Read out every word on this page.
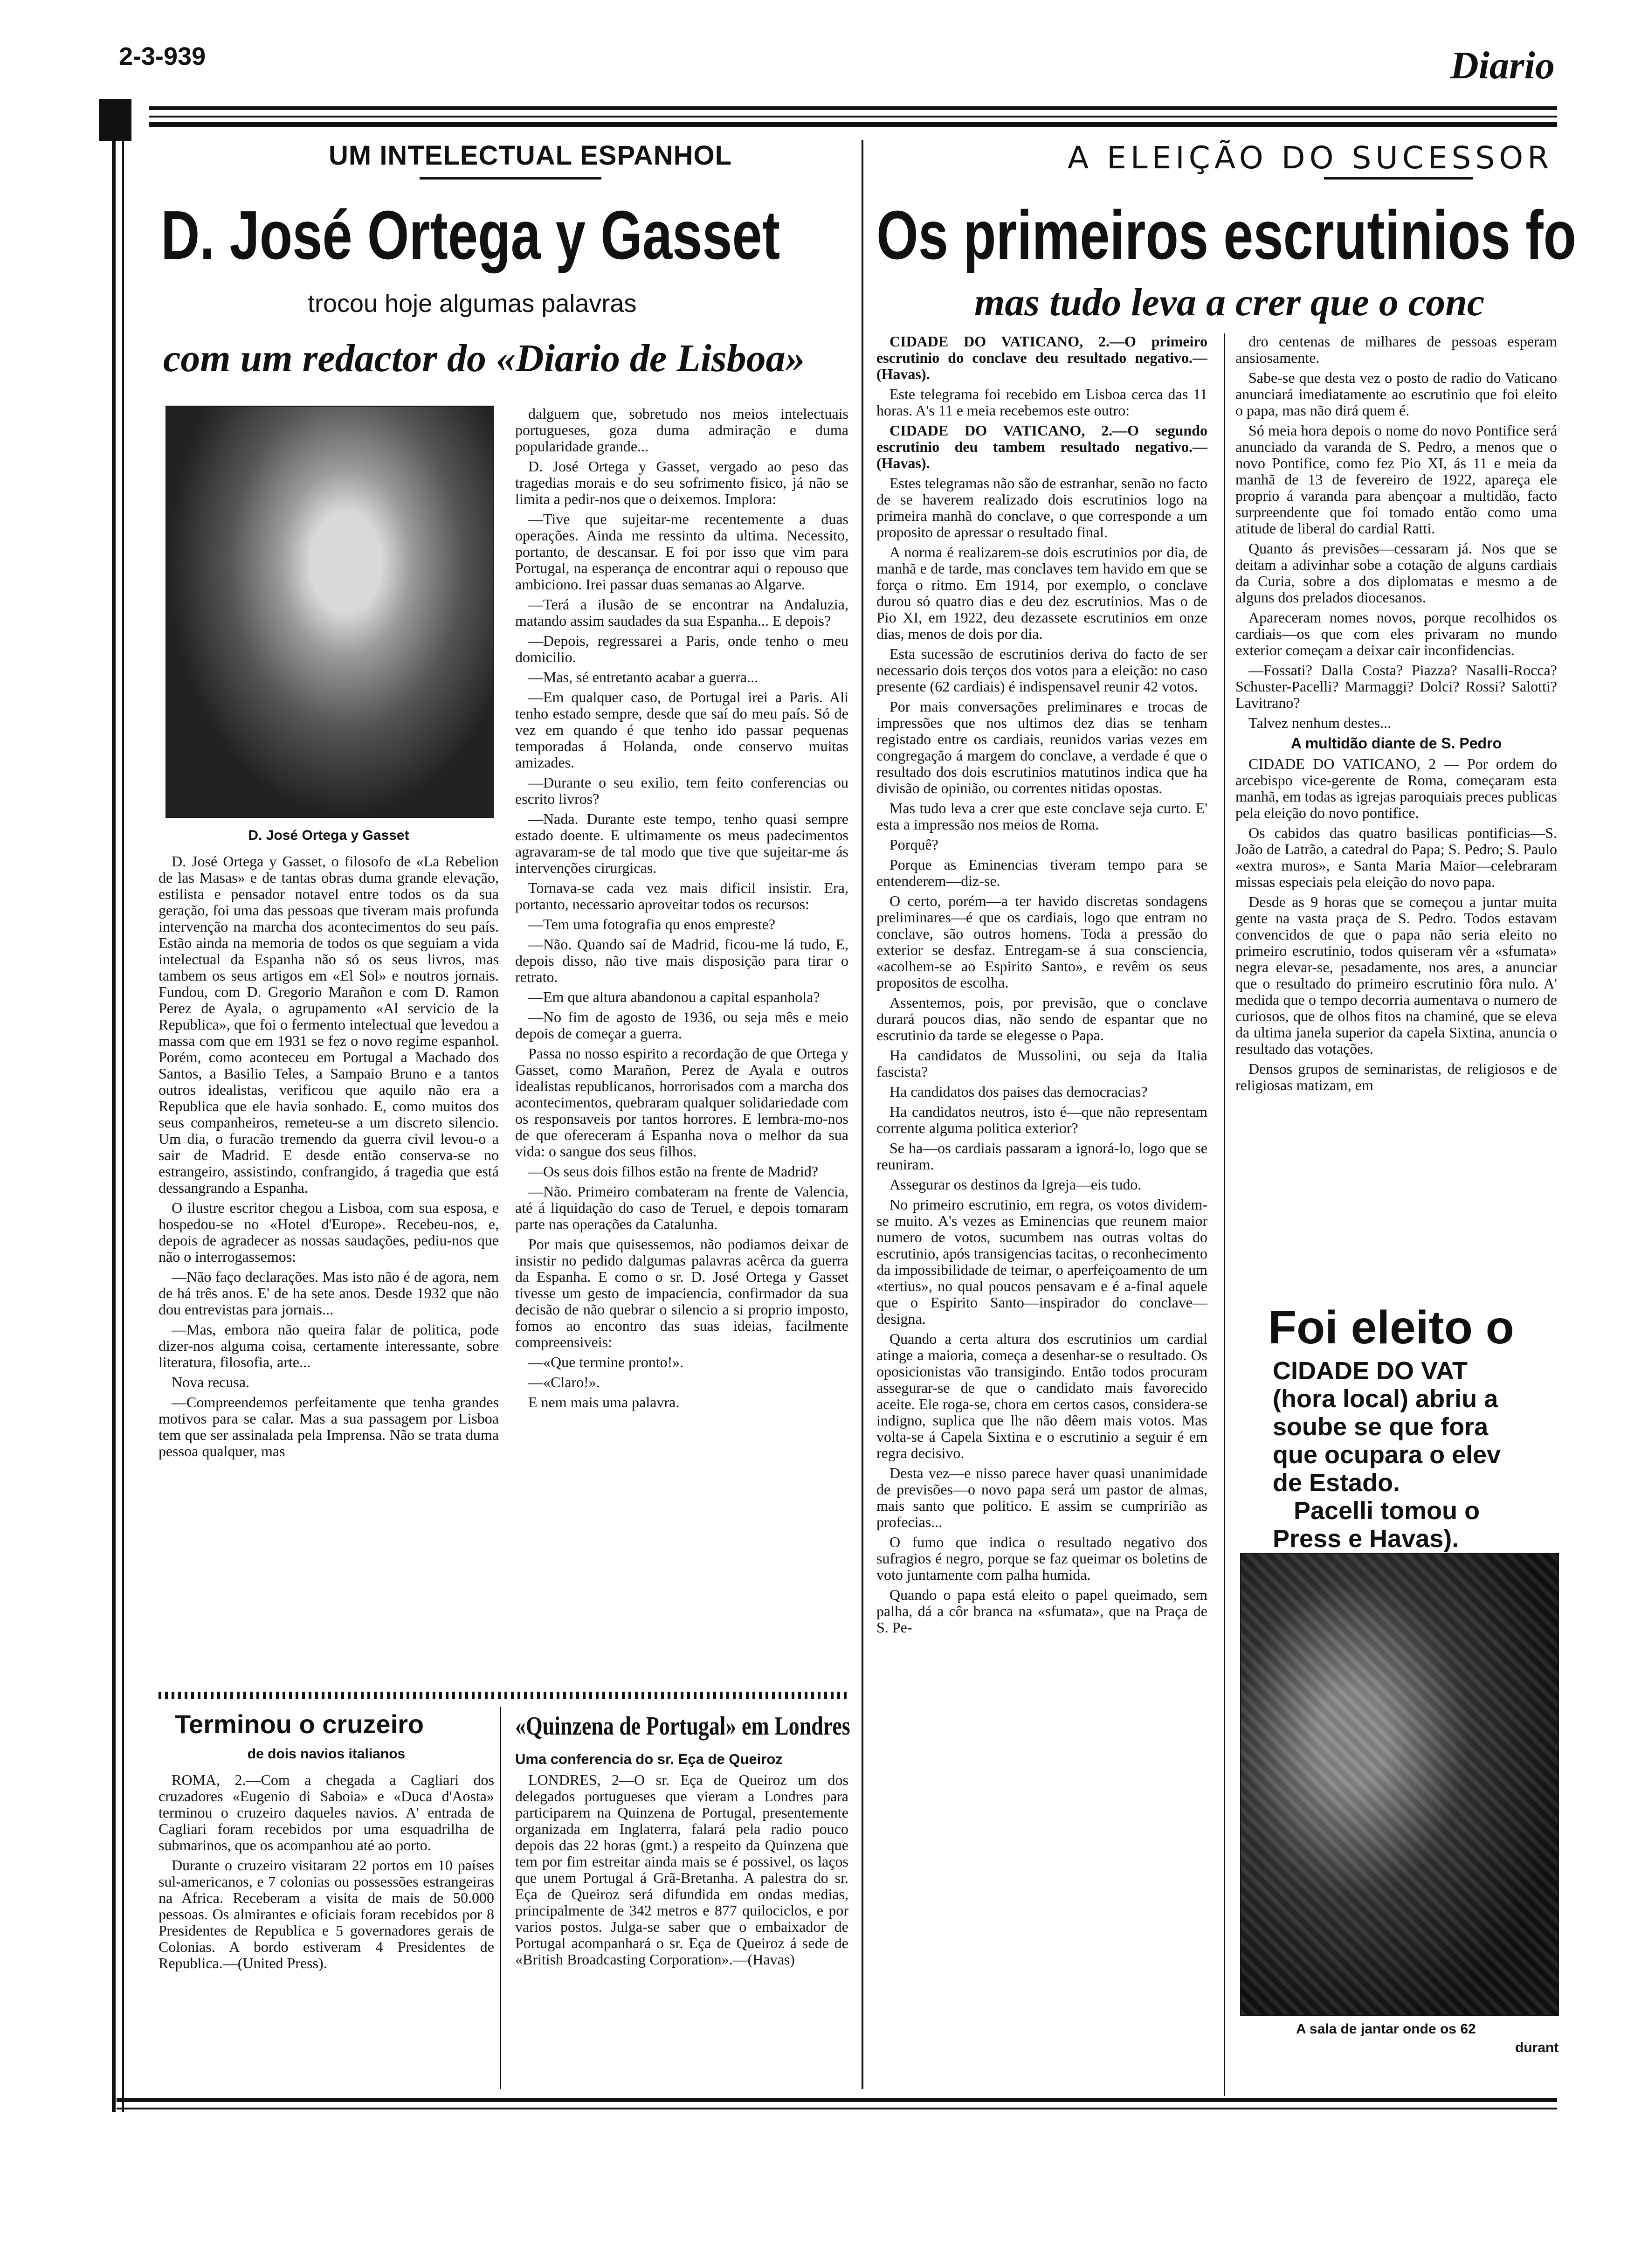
2-3-939	Diario
UM INTELECTUAL ESPANHOL
D. José Ortega y Gasset
trocou hoje algumas palavras
com um redactor do «Diario de Lisboa»
D. José Ortega y Gasset

D. José Ortega y Gasset, o filosofo de «La Rebelion de las Masas» e de tantas obras duma grande elevação, estilista e pensador notavel entre todos os da sua geração, foi uma das pessoas que tiveram mais profunda intervenção na marcha dos acontecimentos do seu país. Estão ainda na memoria de todos os que seguiam a vida intelectual da Espanha não só os seus livros, mas tambem os seus artigos em «El Sol» e noutros jornais. Fundou, com D. Gregorio Marañon e com D. Ramon Perez de Ayala, o agrupamento «Al servicio de la Republica», que foi o fermento intelectual que levedou a massa com que em 1931 se fez o novo regime espanhol. Porém, como aconteceu em Portugal a Machado dos Santos, a Basilio Teles, a Sampaio Bruno e a tantos outros idealistas, verificou que aquilo não era a Republica que ele havia sonhado. E, como muitos dos seus companheiros, remeteu-se a um discreto silencio. Um dia, o furacão tremendo da guerra civil levou-o a sair de Madrid. E desde então conserva-se no estrangeiro, assistindo, confrangido, á tragedia que está dessangrando a Espanha.

O ilustre escritor chegou a Lisboa, com sua esposa, e hospedou-se no «Hotel d'Europe». Recebeu-nos, e, depois de agradecer as nossas saudações, pediu-nos que não o interrogassemos:

—Não faço declarações. Mas isto não é de agora, nem de há três anos. E' de ha sete anos. Desde 1932 que não dou entrevistas para jornais...

—Mas, embora não queira falar de politica, pode dizer-nos alguma coisa, certamente interessante, sobre literatura, filosofia, arte...

Nova recusa.

—Compreendemos perfeitamente que tenha grandes motivos para se calar. Mas a sua passagem por Lisboa tem que ser assinalada pela Imprensa. Não se trata duma pessoa qualquer, mas

dalguem que, sobretudo nos meios intelectuais portugueses, goza duma admiração e duma popularidade grande...

D. José Ortega y Gasset, vergado ao peso das tragedias morais e do seu sofrimento fisico, já não se limita a pedir-nos que o deixemos. Implora:

—Tive que sujeitar-me recentemente a duas operações. Ainda me ressinto da ultima. Necessito, portanto, de descansar. E foi por isso que vim para Portugal, na esperança de encontrar aqui o repouso que ambiciono. Irei passar duas semanas ao Algarve.

—Terá a ilusão de se encontrar na Andaluzia, matando assim saudades da sua Espanha... E depois?

—Depois, regressarei a Paris, onde tenho o meu domicilio.

—Mas, sé entretanto acabar a guerra...

—Em qualquer caso, de Portugal irei a Paris. Ali tenho estado sempre, desde que saí do meu país. Só de vez em quando é que tenho ido passar pequenas temporadas á Holanda, onde conservo muitas amizades.

—Durante o seu exilio, tem feito conferencias ou escrito livros?

—Nada. Durante este tempo, tenho quasi sempre estado doente. E ultimamente os meus padecimentos agravaram-se de tal modo que tive que sujeitar-me ás intervenções cirurgicas.

Tornava-se cada vez mais dificil insistir. Era, portanto, necessario aproveitar todos os recursos:

—Tem uma fotografia qu enos empreste?

—Não. Quando saí de Madrid, ficou-me lá tudo, E, depois disso, não tive mais disposição para tirar o retrato.

—Em que altura abandonou a capital espanhola?

—No fim de agosto de 1936, ou seja mês e meio depois de começar a guerra.

Passa no nosso espirito a recordação de que Ortega y Gasset, como Marañon, Perez de Ayala e outros idealistas republicanos, horrorisados com a marcha dos acontecimentos, quebraram qualquer solidariedade com os responsaveis por tantos horrores. E lembra-mo-nos de que ofereceram á Espanha nova o melhor da sua vida: o sangue dos seus filhos.

—Os seus dois filhos estão na frente de Madrid?

—Não. Primeiro combateram na frente de Valencia, até á liquidação do caso de Teruel, e depois tomaram parte nas operações da Catalunha.

Por mais que quisessemos, não podiamos deixar de insistir no pedido dalgumas palavras acêrca da guerra da Espanha. E como o sr. D. José Ortega y Gasset tivesse um gesto de impaciencia, confirmador da sua decisão de não quebrar o silencio a si proprio imposto, fomos ao encontro das suas ideias, facilmente compreensiveis:

—«Que termine pronto!».

—«Claro!».

E nem mais uma palavra.

Terminou o cruzeiro
de dois navios italianos

ROMA, 2.—Com a chegada a Cagliari dos cruzadores «Eugenio di Saboia» e «Duca d'Aosta» terminou o cruzeiro daqueles navios. A' entrada de Cagliari foram recebidos por uma esquadrilha de submarinos, que os acompanhou até ao porto.

Durante o cruzeiro visitaram 22 portos em 10 países sul-americanos, e 7 colonias ou possessões estrangeiras na Africa. Receberam a visita de mais de 50.000 pessoas. Os almirantes e oficiais foram recebidos por 8 Presidentes de Republica e 5 governadores gerais de Colonias. A bordo estiveram 4 Presidentes de Republica.—(United Press).

«Quinzena de Portugal» em Londres
Uma conferencia do sr. Eça de Queiroz

LONDRES, 2—O sr. Eça de Queiroz um dos delegados portugueses que vieram a Londres para participarem na Quinzena de Portugal, presentemente organizada em Inglaterra, falará pela radio pouco depois das 22 horas (gmt.) a respeito da Quinzena que tem por fim estreitar ainda mais se é possivel, os laços que unem Portugal á Grã-Bretanha. A palestra do sr. Eça de Queiroz será difundida em ondas medias, principalmente de 342 metros e 877 quilociclos, e por varios postos. Julga-se saber que o embaixador de Portugal acompanhará o sr. Eça de Queiroz á sede de «British Broadcasting Corporation».—(Havas)

A ELEIÇÃO DO SUCESSOR
Os primeiros escrutinios fo
mas tudo leva a crer que o conc

CIDADE DO VATICANO, 2.—O primeiro escrutinio do conclave deu resultado negativo.—(Havas).

Este telegrama foi recebido em Lisboa cerca das 11 horas. A's 11 e meia recebemos este outro:

CIDADE DO VATICANO, 2.—O segundo escrutinio deu tambem resultado negativo.—(Havas).

Estes telegramas não são de estranhar, senão no facto de se haverem realizado dois escrutinios logo na primeira manhã do conclave, o que corresponde a um proposito de apressar o resultado final.

A norma é realizarem-se dois escrutinios por dia, de manhã e de tarde, mas conclaves tem havido em que se força o ritmo. Em 1914, por exemplo, o conclave durou só quatro dias e deu dez escrutinios. Mas o de Pio XI, em 1922, deu dezassete escrutinios em onze dias, menos de dois por dia.

Esta sucessão de escrutinios deriva do facto de ser necessario dois terços dos votos para a eleição: no caso presente (62 cardiais) é indispensavel reunir 42 votos.

Por mais conversações preliminares e trocas de impressões que nos ultimos dez dias se tenham registado entre os cardiais, reunidos varias vezes em congregação á margem do conclave, a verdade é que o resultado dos dois escrutinios matutinos indica que ha divisão de opinião, ou correntes nitidas opostas.

Mas tudo leva a crer que este conclave seja curto. E' esta a impressão nos meios de Roma.

Porquê?

Porque as Eminencias tiveram tempo para se entenderem—diz-se.

O certo, porém—a ter havido discretas sondagens preliminares—é que os cardiais, logo que entram no conclave, são outros homens. Toda a pressão do exterior se desfaz. Entregam-se á sua consciencia, «acolhem-se ao Espirito Santo», e revêm os seus propositos de escolha.

Assentemos, pois, por previsão, que o conclave durará poucos dias, não sendo de espantar que no escrutinio da tarde se elegesse o Papa.

Ha candidatos de Mussolini, ou seja da Italia fascista?

Ha candidatos dos paises das democracias?

Ha candidatos neutros, isto é—que não representam corrente alguma politica exterior?

Se ha—os cardiais passaram a ignorá-lo, logo que se reuniram.

Assegurar os destinos da Igreja—eis tudo.

No primeiro escrutinio, em regra, os votos dividem-se muito. A's vezes as Eminencias que reunem maior numero de votos, sucumbem nas outras voltas do escrutinio, após transigencias tacitas, o reconhecimento da impossibilidade de teimar, o aperfeiçoamento de um «tertius», no qual poucos pensavam e é a-final aquele que o Espirito Santo—inspirador do conclave—designa.

Quando a certa altura dos escrutinios um cardial atinge a maioria, começa a desenhar-se o resultado. Os oposicionistas vão transigindo. Então todos procuram assegurar-se de que o candidato mais favorecido aceite. Ele roga-se, chora em certos casos, considera-se indigno, suplica que lhe não dêem mais votos. Mas volta-se á Capela Sixtina e o escrutinio a seguir é em regra decisivo.

Desta vez—e nisso parece haver quasi unanimidade de previsões—o novo papa será um pastor de almas, mais santo que politico. E assim se cumpririão as profecias...

O fumo que indica o resultado negativo dos sufragios é negro, porque se faz queimar os boletins de voto juntamente com palha humida.

Quando o papa está eleito o papel queimado, sem palha, dá a côr branca na «sfumata», que na Praça de S. Pe-

dro centenas de milhares de pessoas esperam ansiosamente.

Sabe-se que desta vez o posto de radio do Vaticano anunciará imediatamente ao escrutinio que foi eleito o papa, mas não dirá quem é.

Só meia hora depois o nome do novo Pontifice será anunciado da varanda de S. Pedro, a menos que o novo Pontifice, como fez Pio XI, ás 11 e meia da manhã de 13 de fevereiro de 1922, apareça ele proprio á varanda para abençoar a multidão, facto surpreendente que foi tomado então como uma atitude de liberal do cardial Ratti.

Quanto ás previsões—cessaram já. Nos que se deitam a adivinhar sobe a cotação de alguns cardiais da Curia, sobre a dos diplomatas e mesmo a de alguns dos prelados diocesanos.

Apareceram nomes novos, porque recolhidos os cardiais—os que com eles privaram no mundo exterior começam a deixar cair inconfidencias.

—Fossati? Dalla Costa? Piazza? Nasalli-Rocca? Schuster-Pacelli? Marmaggi? Dolci? Rossi? Salotti? Lavitrano?

Talvez nenhum destes...

A multidão diante de S. Pedro

CIDADE DO VATICANO, 2 — Por ordem do arcebispo vice-gerente de Roma, começaram esta manhã, em todas as igrejas paroquiais preces publicas pela eleição do novo pontifice.

Os cabidos das quatro basilicas pontificias—S. João de Latrão, a catedral do Papa; S. Pedro; S. Paulo «extra muros», e Santa Maria Maior—celebraram missas especiais pela eleição do novo papa.

Desde as 9 horas que se começou a juntar muita gente na vasta praça de S. Pedro. Todos estavam convencidos de que o papa não seria eleito no primeiro escrutinio, todos quiseram vêr a «sfumata» negra elevar-se, pesadamente, nos ares, a anunciar que o resultado do primeiro escrutinio fôra nulo. A' medida que o tempo decorria aumentava o numero de curiosos, que de olhos fitos na chaminé, que se eleva da ultima janela superior da capela Sixtina, anuncia o resultado das votações.

Densos grupos de seminaristas, de religiosos e de religiosas matizam, em

Foi eleito o
CIDADE DO VAT
(hora local) abriu a
soube se que fora
que ocupara o elev
de Estado.
Pacelli tomou o
Press e Havas).
A sala de jantar onde os 62
durant
